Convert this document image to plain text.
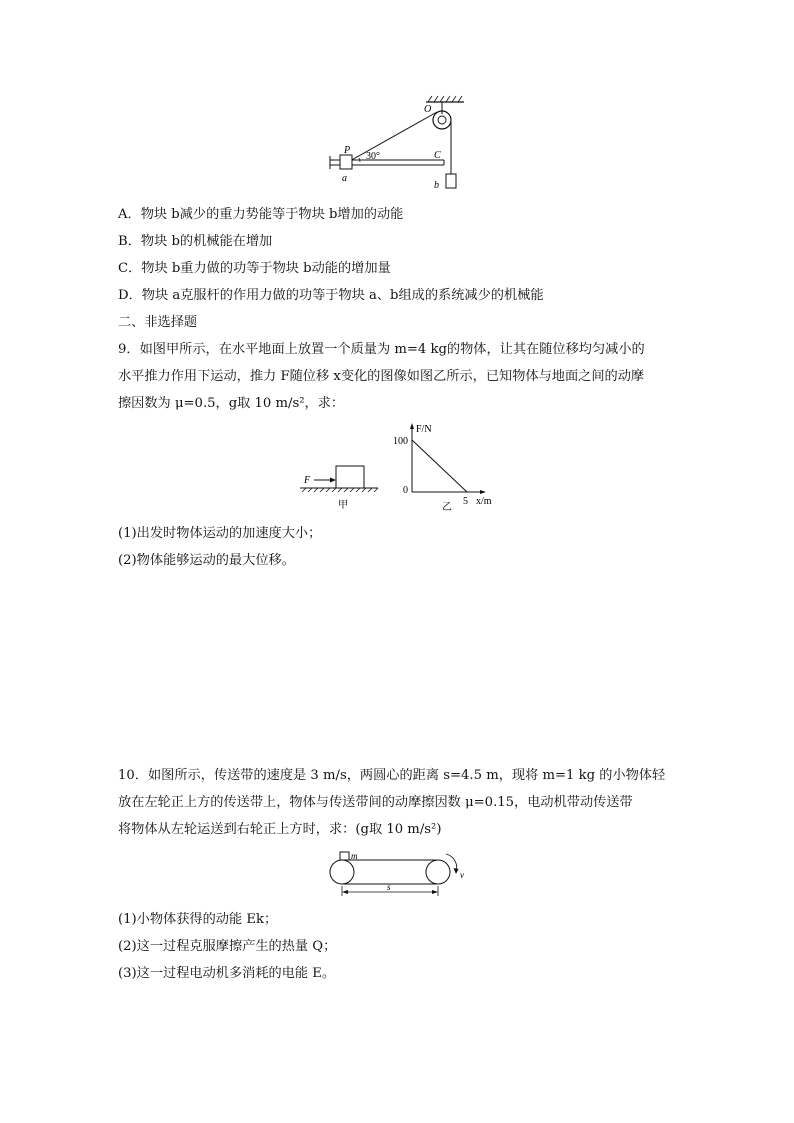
O
P	C
a
b
30°
A．物块 b减少的重力势能等于物块 b增加的动能
B．物块 b的机械能在增加
C．物块 b重力做的功等于物块 b动能的增加量
D．物块 a克服杆的作用力做的功等于物块 a、b组成的系统减少的机械能
二、非选择题
9．如图甲所示，在水平地面上放置一个质量为 m=4 kg的物体，让其在随位移均匀减小的
水平推力作用下运动，推力 F随位移 x变化的图像如图乙所示，已知物体与地面之间的动摩
擦因数为 μ=0.5，g取 10 m/s²，求：
F
甲
F/N
100
0
5 x/m
乙
(1)出发时物体运动的加速度大小；
(2)物体能够运动的最大位移。
10．如图所示，传送带的速度是 3 m/s，两圆心的距离 s=4.5 m，现将 m=1 kg 的小物体轻
放在左轮正上方的传送带上，物体与传送带间的动摩擦因数 μ=0.15，电动机带动传送带
将物体从左轮运送到右轮正上方时，求：(g取 10 m/s²)
m
v
s
(1)小物体获得的动能 Ek；
(2)这一过程克服摩擦产生的热量 Q；
(3)这一过程电动机多消耗的电能 E。
